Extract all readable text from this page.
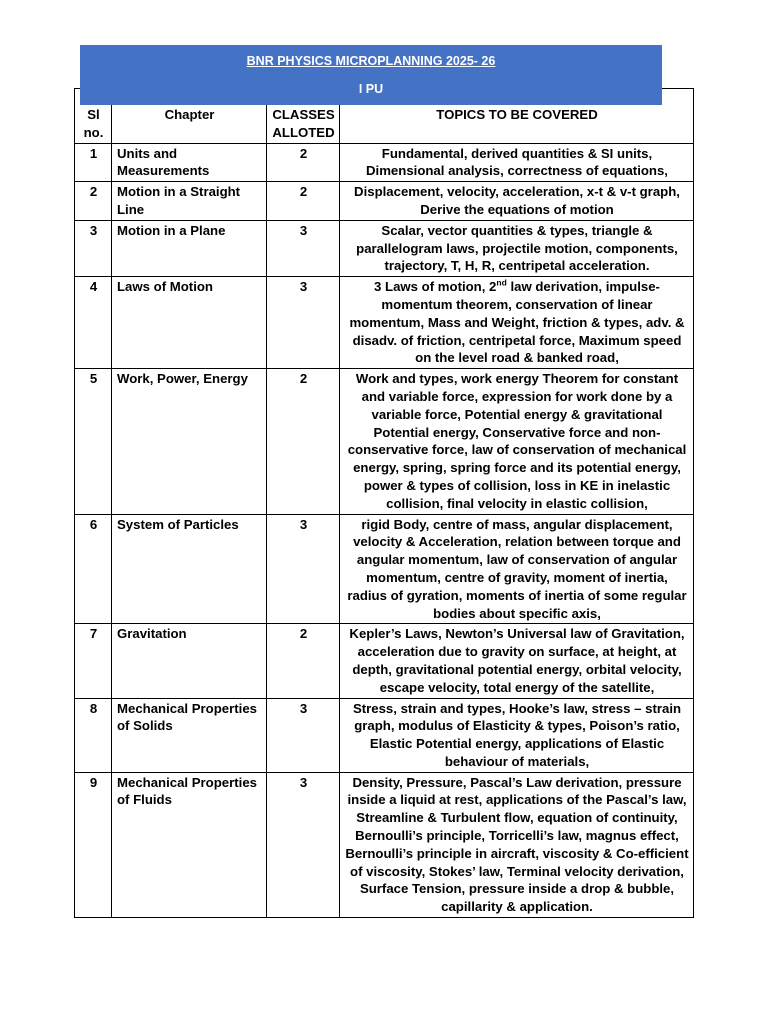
BNR PHYSICS MICROPLANNING 2025- 26
I PU
Sl no.	Chapter	CLASSES ALLOTED	TOPICS TO BE COVERED
1	Units and Measurements	2	Fundamental, derived quantities & SI units, Dimensional analysis, correctness of equations,
2	Motion in a Straight Line	2	Displacement, velocity, acceleration, x-t & v-t graph, Derive the equations of motion
3	Motion in a Plane	3	Scalar, vector quantities & types, triangle & parallelogram laws, projectile motion, components, trajectory, T, H, R, centripetal acceleration.
4	Laws of Motion	3	3 Laws of motion, 2nd law derivation, impulse-momentum theorem, conservation of linear momentum, Mass and Weight, friction & types, adv. & disadv. of friction, centripetal force, Maximum speed on the level road & banked road,
5	Work, Power, Energy	2	Work and types, work energy Theorem for constant and variable force, expression for work done by a variable force, Potential energy & gravitational Potential energy, Conservative force and non-conservative force, law of conservation of mechanical energy, spring, spring force and its potential energy, power & types of collision, loss in KE in inelastic collision, final velocity in elastic collision,
6	System of Particles	3	rigid Body, centre of mass, angular displacement, velocity & Acceleration, relation between torque and angular momentum, law of conservation of angular momentum, centre of gravity, moment of inertia, radius of gyration, moments of inertia of some regular bodies about specific axis,
7	Gravitation	2	Kepler’s Laws, Newton’s Universal law of Gravitation, acceleration due to gravity on surface, at height, at depth, gravitational potential energy, orbital velocity, escape velocity, total energy of the satellite,
8	Mechanical Properties of Solids	3	Stress, strain and types, Hooke’s law, stress – strain graph, modulus of Elasticity & types, Poison’s ratio, Elastic Potential energy, applications of Elastic behaviour of materials,
9	Mechanical Properties of Fluids	3	Density, Pressure, Pascal’s Law derivation, pressure inside a liquid at rest, applications of the Pascal’s law, Streamline & Turbulent flow, equation of continuity, Bernoulli’s principle, Torricelli’s law, magnus effect, Bernoulli’s principle in aircraft, viscosity & Co-efficient of viscosity, Stokes’ law, Terminal velocity derivation, Surface Tension, pressure inside a drop & bubble, capillarity & application.
